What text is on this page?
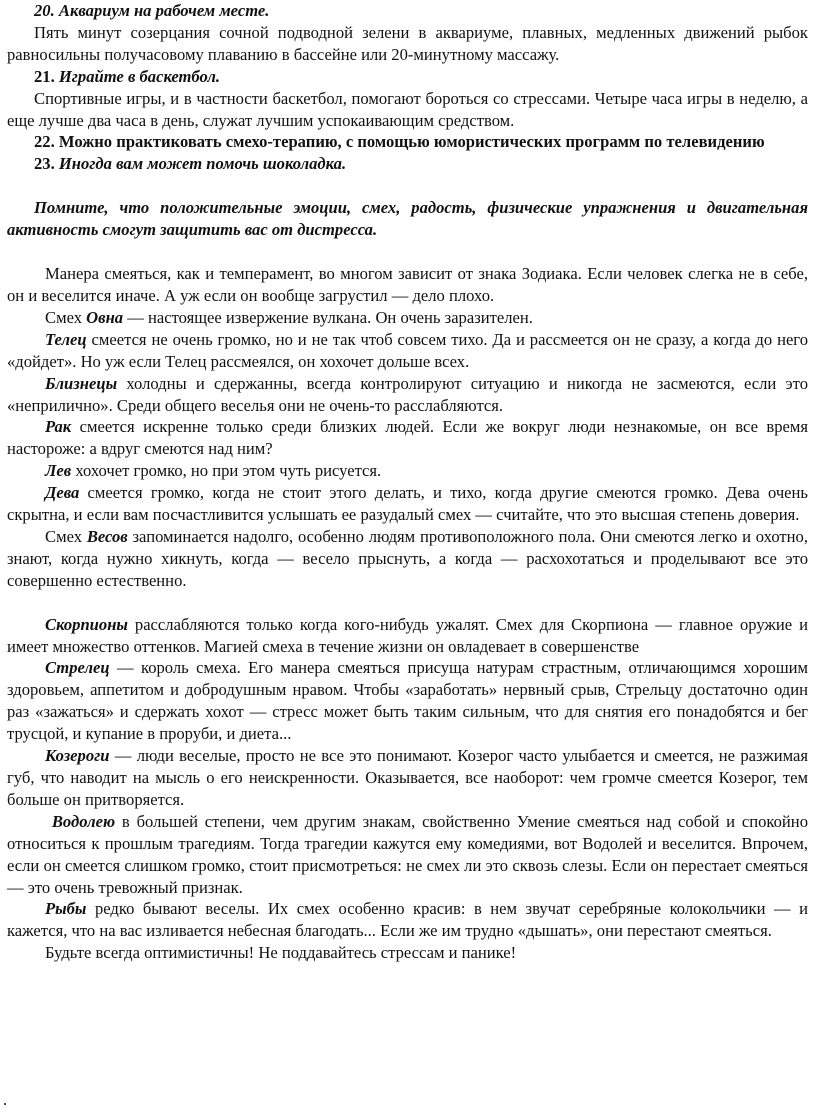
20. Аквариум на рабочем месте.

Пять минут созерцания сочной подводной зелени в аквариуме, плавных, медленных движений рыбок равносильны получасовому плаванию в бассейне или 20-минутному массажу.

21. Играйте в баскетбол.

Спортивные игры, и в частности баскетбол, помогают бороться со стрессами. Четыре часа игры в неделю, а еще лучше два часа в день, служат лучшим успокаивающим средством.

22. Можно практиковать смехо-терапию, с помощью юмористических программ по телевидению

23. Иногда вам может помочь шоколадка.

Помните, что положительные эмоции, смех, радость, физические упражнения и двигательная активность смогут защитить вас от дистресса.

Манера смеяться, как и темперамент, во многом зависит от знака Зодиака. Если человек слегка не в себе, он и веселится иначе. А уж если он вообще загрустил — дело плохо.

Смех Овна — настоящее извержение вулкана. Он очень заразителен.

Телец смеется не очень громко, но и не так чтоб совсем тихо. Да и рассмеется он не сразу, а когда до него «дойдет». Но уж если Телец рассмеялся, он хохочет дольше всех.

Близнецы холодны и сдержанны, всегда контролируют ситуацию и никогда не засмеются, если это «неприлично». Среди общего веселья они не очень-то расслабляются.

Рак смеется искренне только среди близких людей. Если же вокруг люди незнакомые, он все время настороже: а вдруг смеются над ним?

Лев хохочет громко, но при этом чуть рисуется.

Дева смеется громко, когда не стоит этого делать, и тихо, когда другие смеются громко. Дева очень скрытна, и если вам посчастливится услышать ее разудалый смех — считайте, что это высшая степень доверия.

Смех Весов запоминается надолго, особенно людям противоположного пола. Они смеются легко и охотно, знают, когда нужно хикнуть, когда — весело прыснуть, а когда — расхохотаться и проделывают все это совершенно естественно.

Скорпионы расслабляются только когда кого-нибудь ужалят. Смех для Скорпиона — главное оружие и имеет множество оттенков. Магией смеха в течение жизни он овладевает в совершенстве

Стрелец — король смеха. Его манера смеяться присуща натурам страстным, отличающимся хорошим здоровьем, аппетитом и добродушным нравом. Чтобы «заработать» нервный срыв, Стрельцу достаточно один раз «зажаться» и сдержать хохот — стресс может быть таким сильным, что для снятия его понадобятся и бег трусцой, и купание в проруби, и диета...

Козероги — люди веселые, просто не все это понимают. Козерог часто улыбается и смеется, не разжимая губ, что наводит на мысль о его неискренности. Оказывается, все наоборот: чем громче смеется Козерог, тем больше он притворяется.

Водолею в большей степени, чем другим знакам, свойственно Умение смеяться над собой и спокойно относиться к прошлым трагедиям. Тогда трагедии кажутся ему комедиями, вот Водолей и веселится. Впрочем, если он смеется слишком громко, стоит присмотреться: не смех ли это сквозь слезы. Если он перестает смеяться — это очень тревожный признак.

Рыбы редко бывают веселы. Их смех особенно красив: в нем звучат серебряные колокольчики — и кажется, что на вас изливается небесная благодать... Если же им трудно «дышать», они перестают смеяться.

Будьте всегда оптимистичны! Не поддавайтесь стрессам и панике!

.
